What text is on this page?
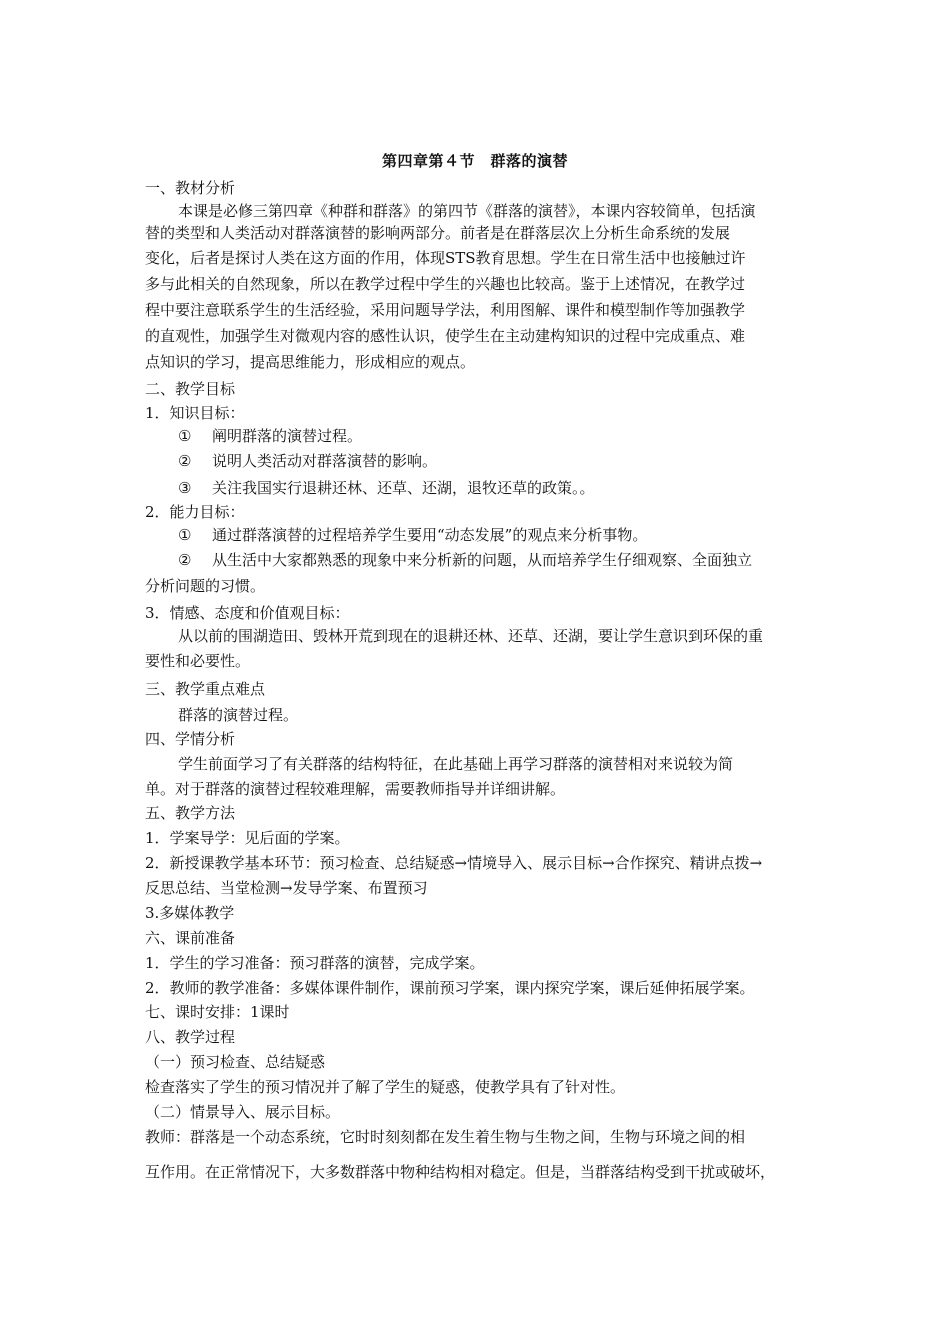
第四章第４节　群落的演替
一、教材分析
本课是必修三第四章《种群和群落》的第四节《群落的演替》，本课内容较简单，包括演
替的类型和人类活动对群落演替的影响两部分。前者是在群落层次上分析生命系统的发展
变化，后者是探讨人类在这方面的作用，体现STS教育思想。学生在日常生活中也接触过许
多与此相关的自然现象，所以在教学过程中学生的兴趣也比较高。鉴于上述情况，在教学过
程中要注意联系学生的生活经验，采用问题导学法，利用图解、课件和模型制作等加强教学
的直观性，加强学生对微观内容的感性认识，使学生在主动建构知识的过程中完成重点、难
点知识的学习，提高思维能力，形成相应的观点。
二、教学目标
1．知识目标：
① 阐明群落的演替过程。
② 说明人类活动对群落演替的影响。
③ 关注我国实行退耕还林、还草、还湖，退牧还草的政策。。
2．能力目标：
① 通过群落演替的过程培养学生要用“动态发展”的观点来分析事物。
② 从生活中大家都熟悉的现象中来分析新的问题，从而培养学生仔细观察、全面独立
分析问题的习惯。
3．情感、态度和价值观目标：
从以前的围湖造田、毁林开荒到现在的退耕还林、还草、还湖，要让学生意识到环保的重
要性和必要性。
三、教学重点难点
群落的演替过程。
四、学情分析
学生前面学习了有关群落的结构特征，在此基础上再学习群落的演替相对来说较为简
单。对于群落的演替过程较难理解，需要教师指导并详细讲解。
五、教学方法
1．学案导学：见后面的学案。
2．新授课教学基本环节：预习检查、总结疑惑→情境导入、展示目标→合作探究、精讲点拨→
反思总结、当堂检测→发导学案、布置预习
3.多媒体教学
六、课前准备
1．学生的学习准备：预习群落的演替，完成学案。
2．教师的教学准备：多媒体课件制作，课前预习学案，课内探究学案，课后延伸拓展学案。
七、课时安排：1课时
八、教学过程
（一）预习检查、总结疑惑
检查落实了学生的预习情况并了解了学生的疑惑，使教学具有了针对性。
（二）情景导入、展示目标。
教师：群落是一个动态系统，它时时刻刻都在发生着生物与生物之间，生物与环境之间的相
互作用。在正常情况下，大多数群落中物种结构相对稳定。但是，当群落结构受到干扰或破坏，
